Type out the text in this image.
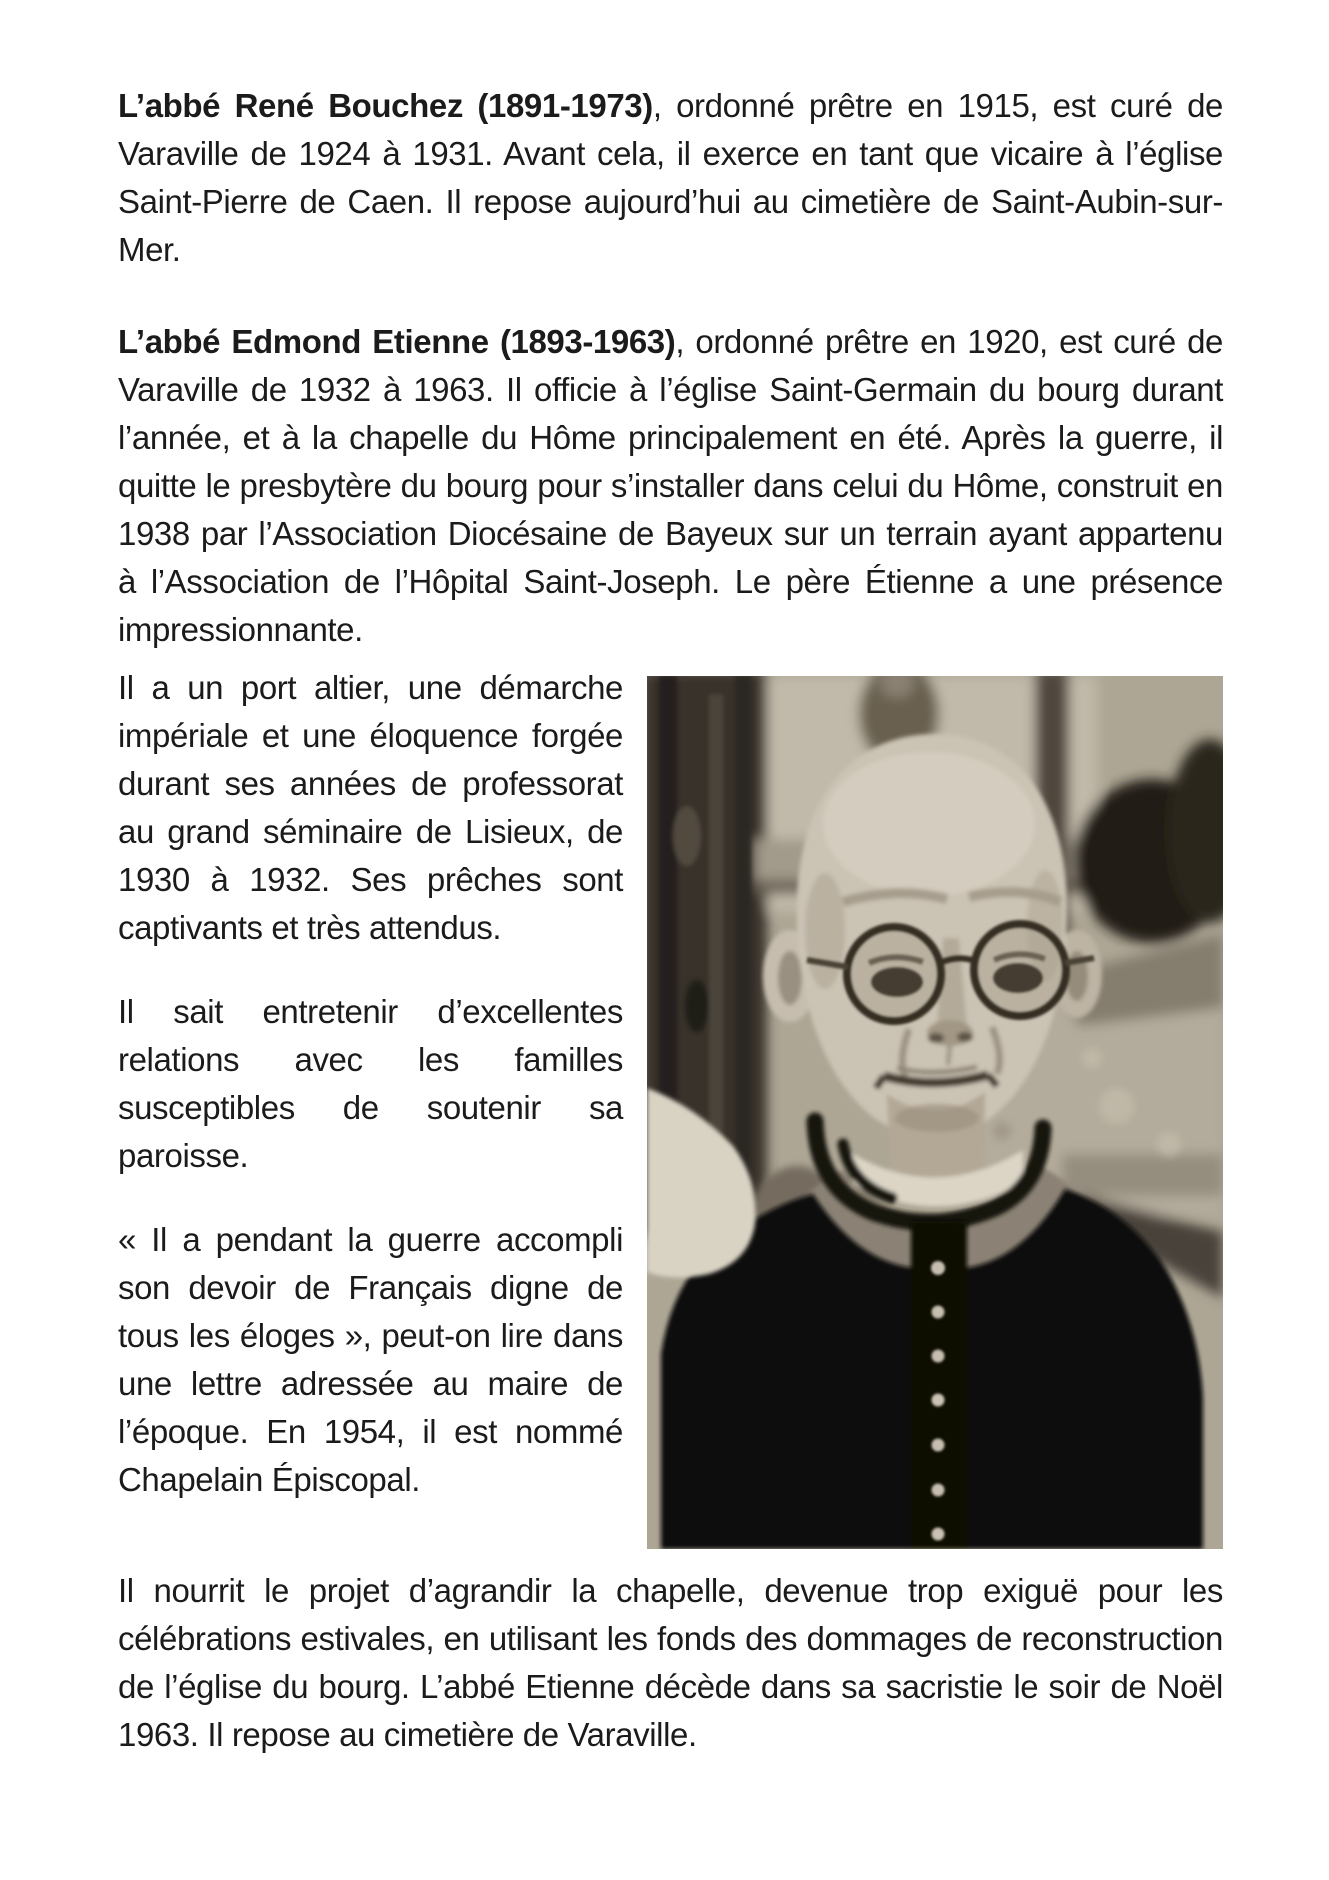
L’abbé René Bouchez (1891-1973), ordonné prêtre en 1915, est curé de Varaville de 1924 à 1931. Avant cela, il exerce en tant que vicaire à l’église Saint-Pierre de Caen. Il repose aujourd’hui au cimetière de Saint-Aubin-sur-Mer.

L’abbé Edmond Etienne (1893-1963), ordonné prêtre en 1920, est curé de Varaville de 1932 à 1963. Il officie à l’église Saint-Germain du bourg durant l’année, et à la chapelle du Hôme principalement en été. Après la guerre, il quitte le presbytère du bourg pour s’installer dans celui du Hôme, construit en 1938 par l’Association Diocésaine de Bayeux sur un terrain ayant appartenu à l’Association de l’Hôpital Saint-Joseph. Le père Étienne a une présence impressionnante.

Il a un port altier, une démarche impériale et une éloquence forgée durant ses années de professorat au grand séminaire de Lisieux, de 1930 à 1932. Ses prêches sont captivants et très attendus.

Il sait entretenir d’excellentes relations avec les familles susceptibles de soutenir sa paroisse.

« Il a pendant la guerre accompli son devoir de Français digne de tous les éloges », peut-on lire dans une lettre adressée au maire de l’époque. En 1954, il est nommé Chapelain Épiscopal.

Il nourrit le projet d’agrandir la chapelle, devenue trop exiguë pour les célébrations estivales, en utilisant les fonds des dommages de reconstruction de l’église du bourg. L’abbé Etienne décède dans sa sacristie le soir de Noël 1963. Il repose au cimetière de Varaville.
